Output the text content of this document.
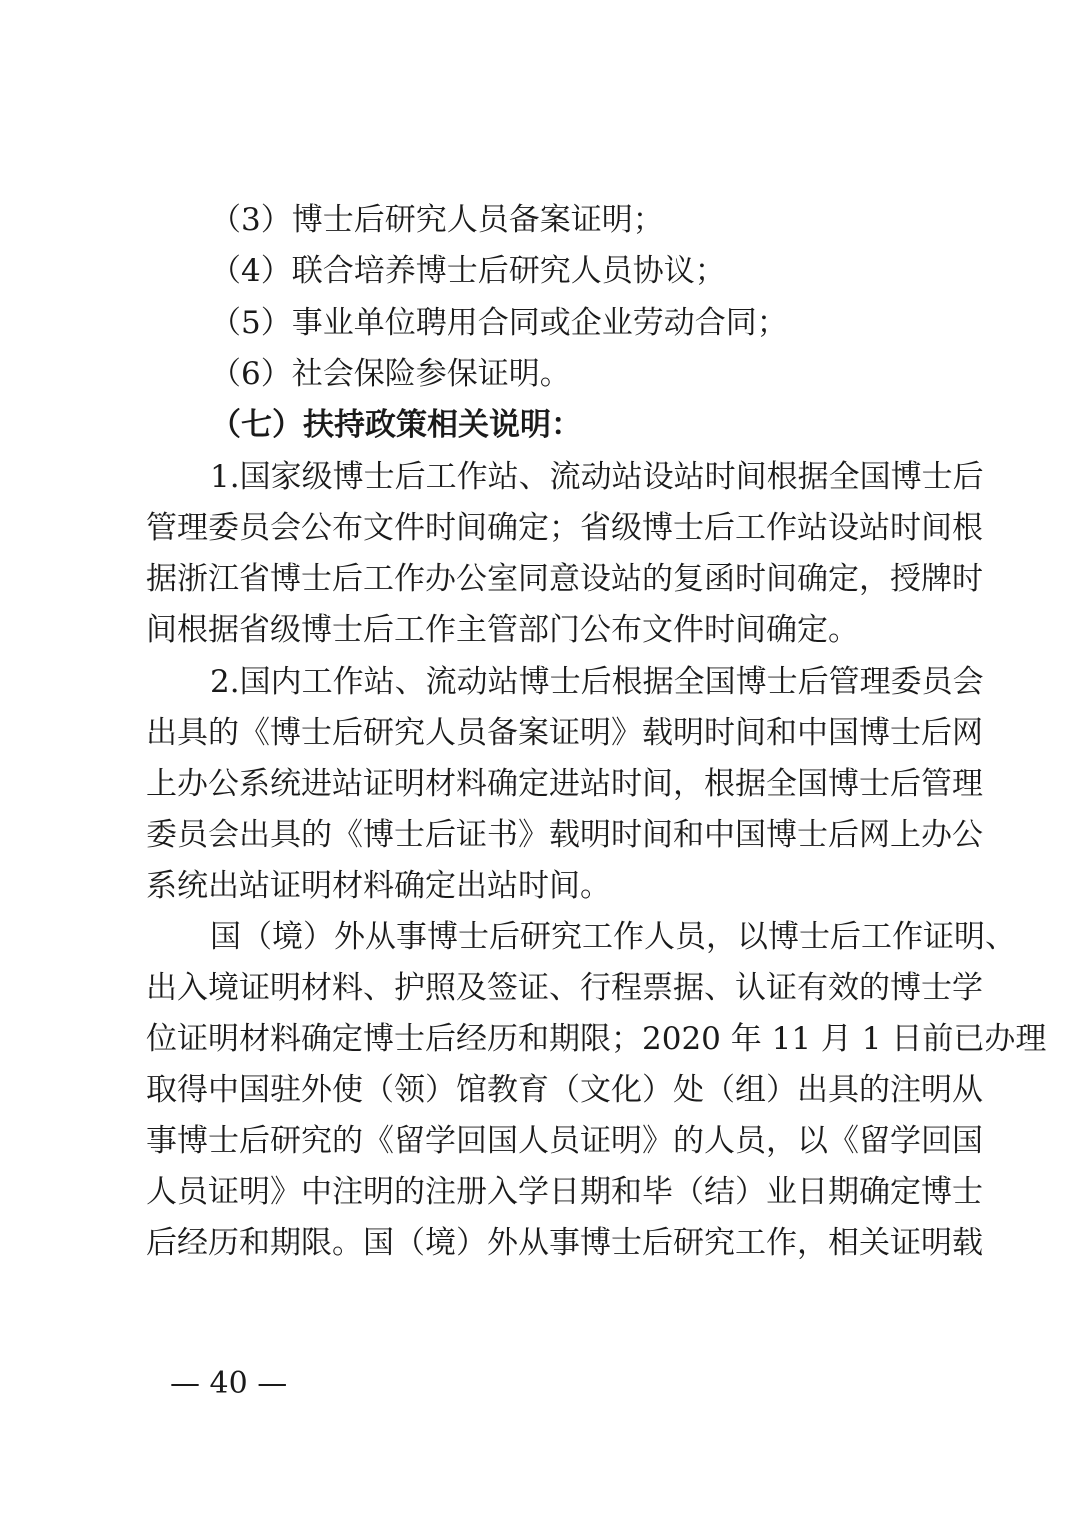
（3）博士后研究人员备案证明；
（4）联合培养博士后研究人员协议；
（5）事业单位聘用合同或企业劳动合同；
（6）社会保险参保证明。
（七）扶持政策相关说明：
1.国家级博士后工作站、流动站设站时间根据全国博士后
管理委员会公布文件时间确定；省级博士后工作站设站时间根
据浙江省博士后工作办公室同意设站的复函时间确定，授牌时
间根据省级博士后工作主管部门公布文件时间确定。
2.国内工作站、流动站博士后根据全国博士后管理委员会
出具的《博士后研究人员备案证明》载明时间和中国博士后网
上办公系统进站证明材料确定进站时间，根据全国博士后管理
委员会出具的《博士后证书》载明时间和中国博士后网上办公
系统出站证明材料确定出站时间。
国（境）外从事博士后研究工作人员，以博士后工作证明、
出入境证明材料、护照及签证、行程票据、认证有效的博士学
位证明材料确定博士后经历和期限；2020 年 11 月 1 日前已办理
取得中国驻外使（领）馆教育（文化）处（组）出具的注明从
事博士后研究的《留学回国人员证明》的人员，以《留学回国
人员证明》中注明的注册入学日期和毕（结）业日期确定博士
后经历和期限。国（境）外从事博士后研究工作，相关证明载
— 40 —
